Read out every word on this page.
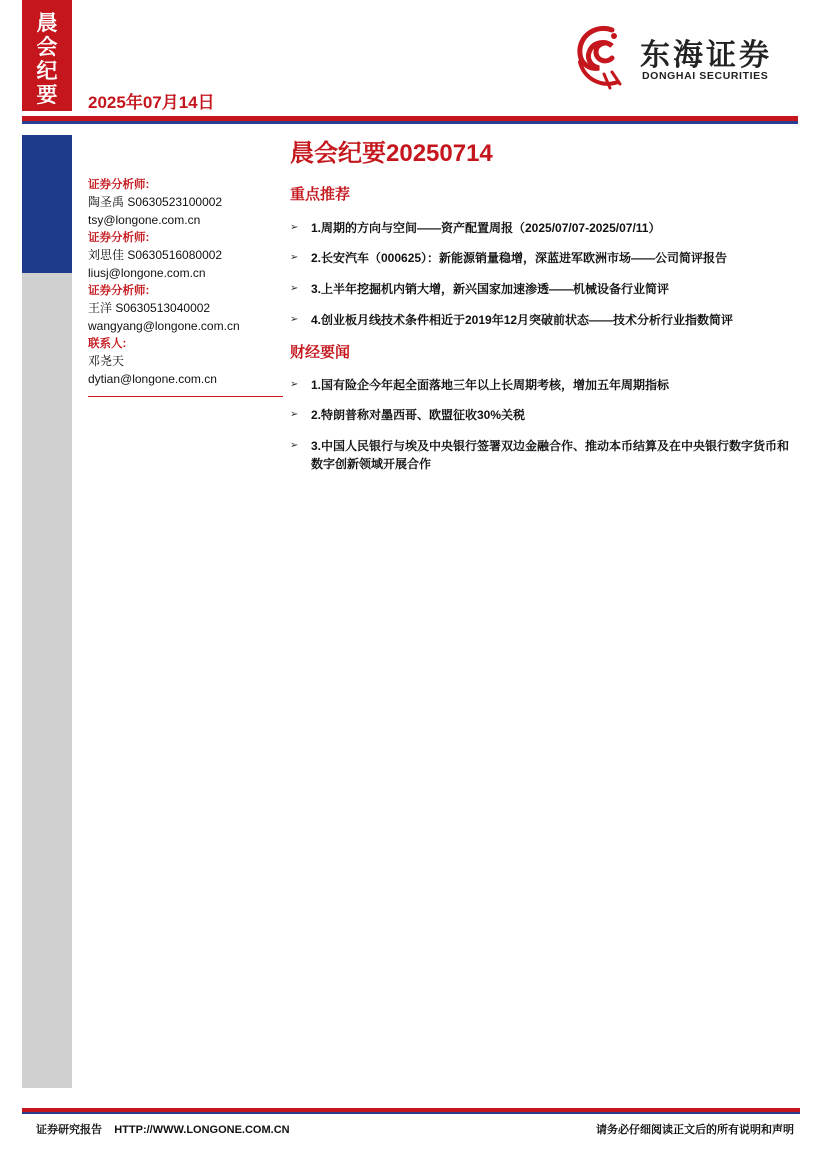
晨
会
纪
要 2025年07月14日
东海证券
DONGHAI SECURITIES
证券分析师:
陶圣禹 S0630523100002
tsy@longone.com.cn
证券分析师:
刘思佳 S0630516080002
liusj@longone.com.cn
证券分析师:
王洋 S0630513040002
wangyang@longone.com.cn
联系人:
邓尧天
dytian@longone.com.cn
晨会纪要20250714
重点推荐
➢ 1.周期的方向与空间——资产配置周报（2025/07/07-2025/07/11）
➢ 2.长安汽车（000625）：新能源销量稳增，深蓝进军欧洲市场——公司简评报告
➢ 3.上半年挖掘机内销大增，新兴国家加速渗透——机械设备行业简评
➢ 4.创业板月线技术条件相近于2019年12月突破前状态——技术分析行业指数简评
财经要闻
➢ 1.国有险企今年起全面落地三年以上长周期考核，增加五年周期指标
➢ 2.特朗普称对墨西哥、欧盟征收30%关税
➢ 3.中国人民银行与埃及中央银行签署双边金融合作、推动本币结算及在中央银行数字货币和数字创新领域开展合作
证券研究报告    HTTP://WWW.LONGONE.COM.CN	请务必仔细阅读正文后的所有说明和声明
